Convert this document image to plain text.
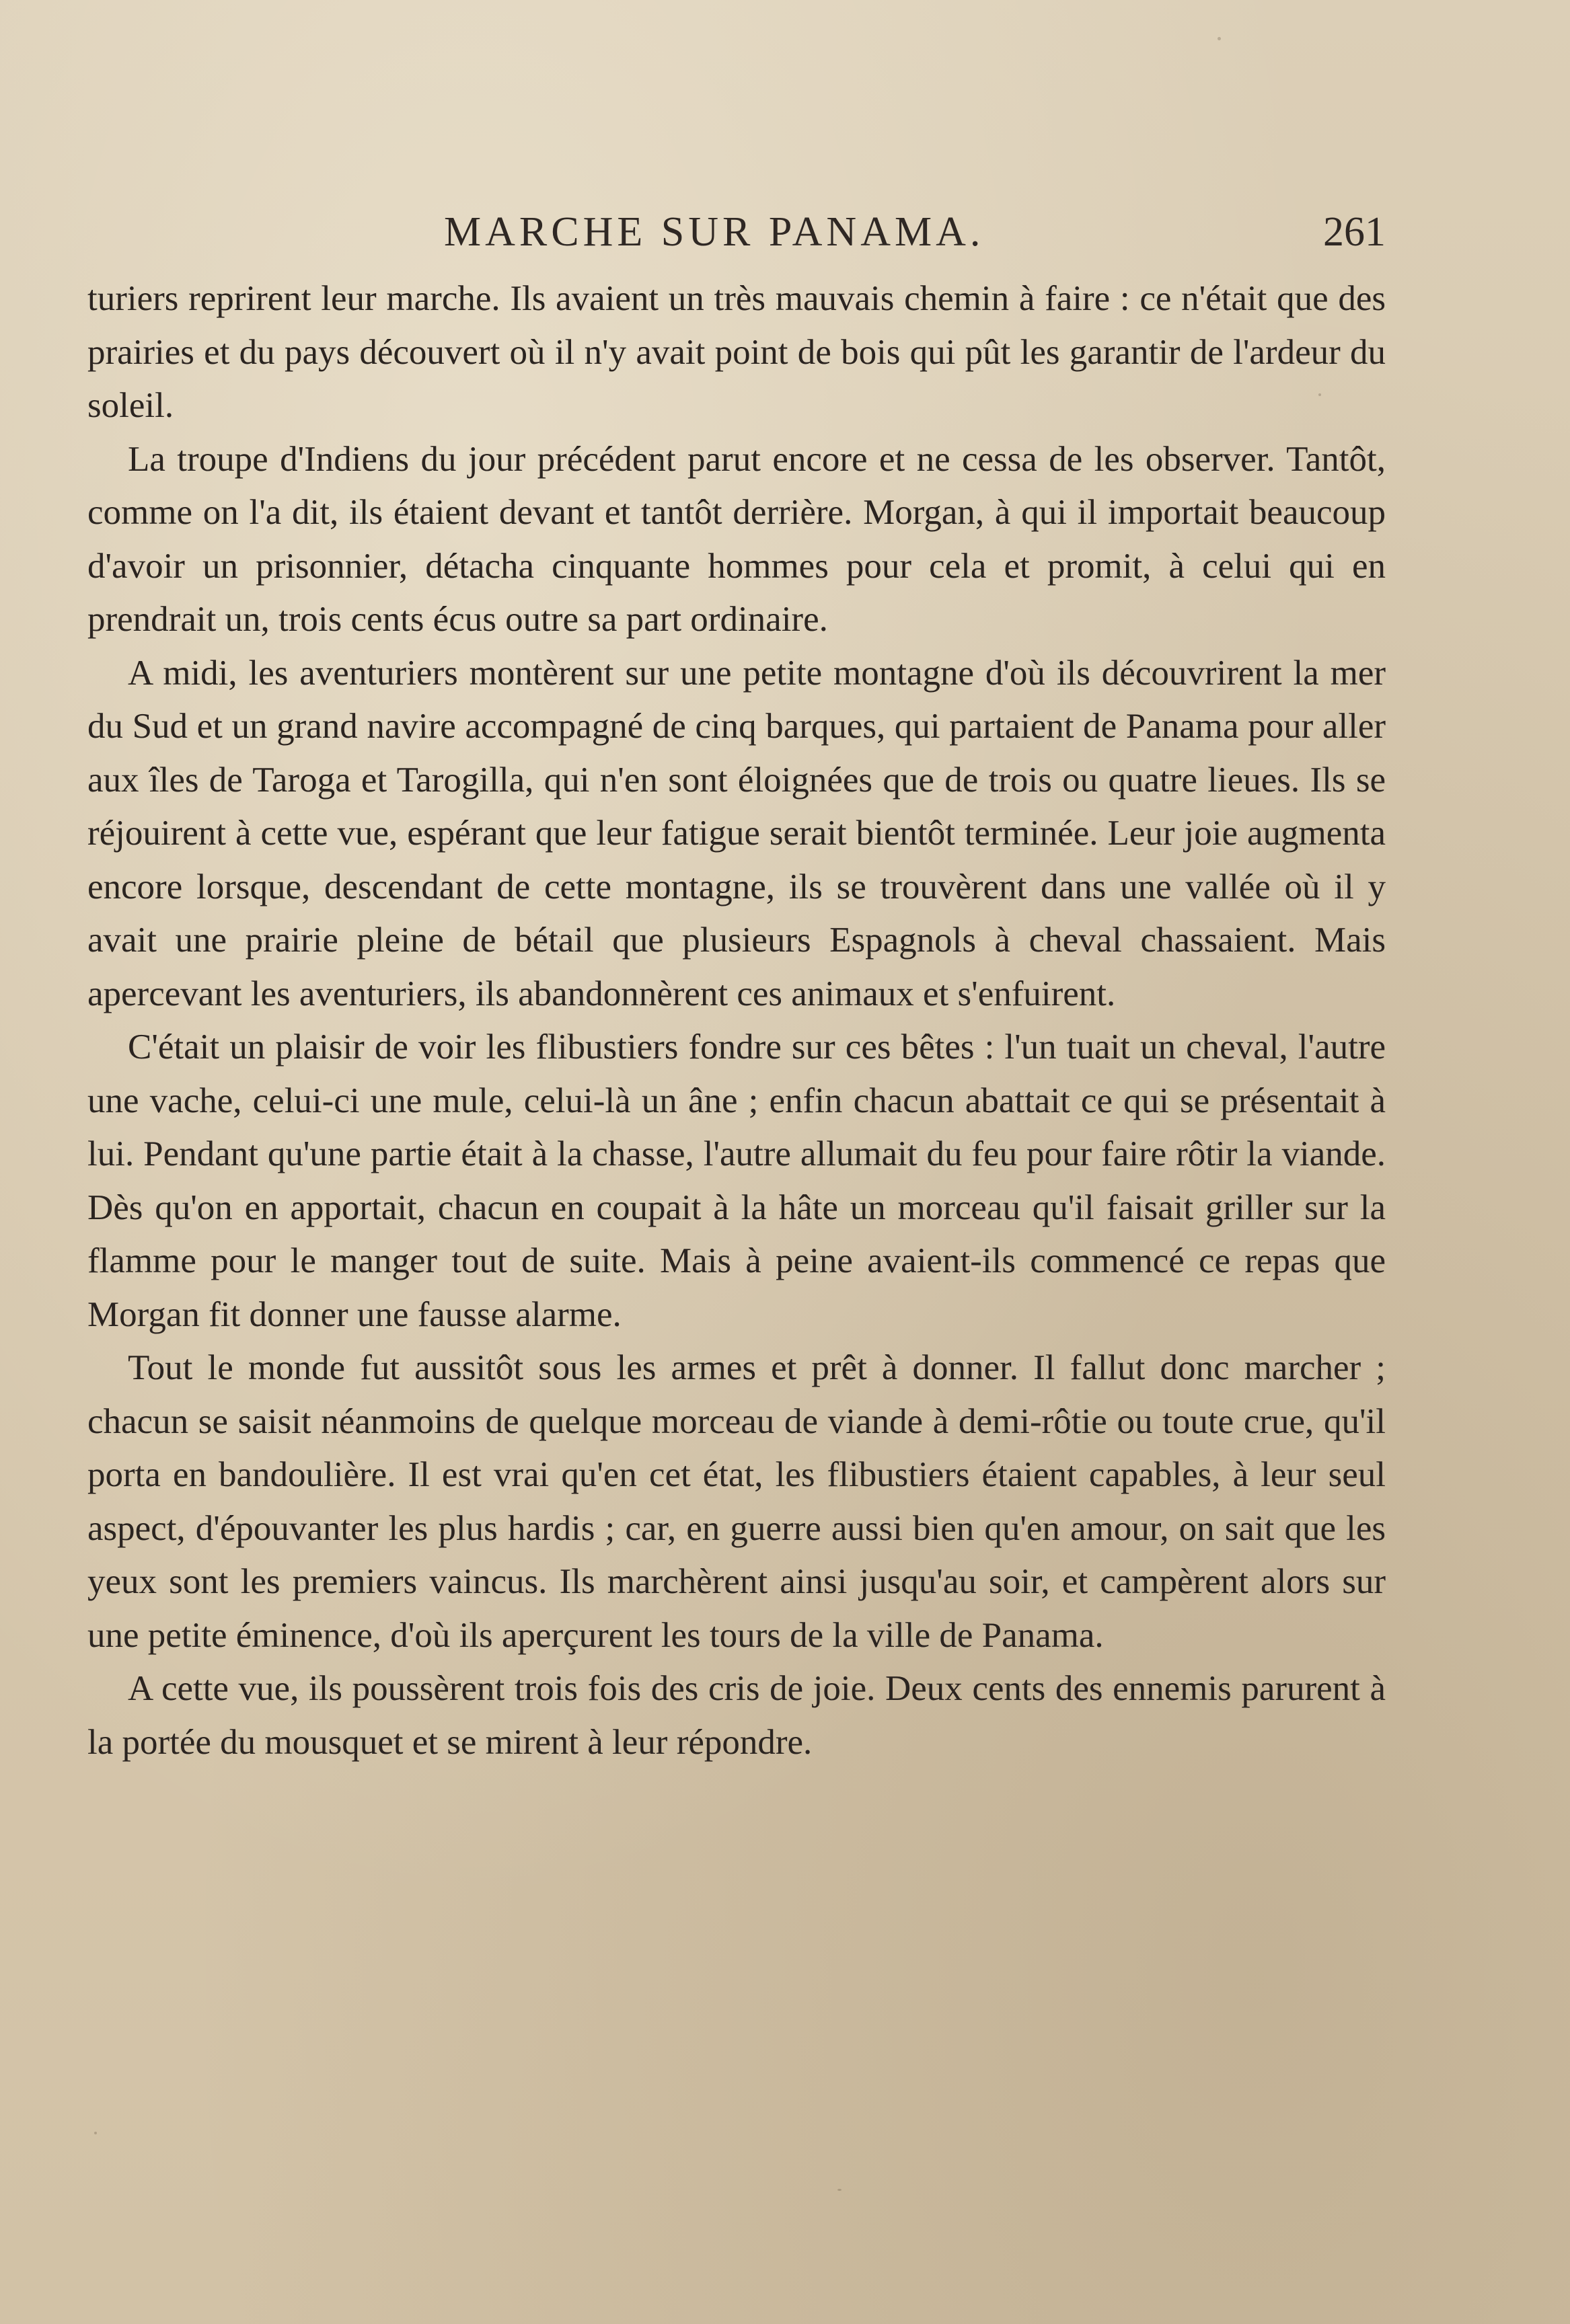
MARCHE SUR PANAMA.	261

turiers reprirent leur marche. Ils avaient un très mauvais chemin à faire : ce n'était que des prairies et du pays découvert où il n'y avait point de bois qui pût les garantir de l'ardeur du soleil.

La troupe d'Indiens du jour précédent parut encore et ne cessa de les observer. Tantôt, comme on l'a dit, ils étaient devant et tantôt derrière. Morgan, à qui il importait beaucoup d'avoir un prisonnier, détacha cinquante hommes pour cela et promit, à celui qui en prendrait un, trois cents écus outre sa part ordinaire.

A midi, les aventuriers montèrent sur une petite montagne d'où ils découvrirent la mer du Sud et un grand navire accompagné de cinq barques, qui partaient de Panama pour aller aux îles de Taroga et Tarogilla, qui n'en sont éloignées que de trois ou quatre lieues. Ils se réjouirent à cette vue, espérant que leur fatigue serait bientôt terminée. Leur joie augmenta encore lorsque, descendant de cette montagne, ils se trouvèrent dans une vallée où il y avait une prairie pleine de bétail que plusieurs Espagnols à cheval chassaient. Mais apercevant les aventuriers, ils abandonnèrent ces animaux et s'enfuirent.

C'était un plaisir de voir les flibustiers fondre sur ces bêtes : l'un tuait un cheval, l'autre une vache, celui-ci une mule, celui-là un âne ; enfin chacun abattait ce qui se présentait à lui. Pendant qu'une partie était à la chasse, l'autre allumait du feu pour faire rôtir la viande. Dès qu'on en apportait, chacun en coupait à la hâte un morceau qu'il faisait griller sur la flamme pour le manger tout de suite. Mais à peine avaient-ils commencé ce repas que Morgan fit donner une fausse alarme.

Tout le monde fut aussitôt sous les armes et prêt à donner. Il fallut donc marcher ; chacun se saisit néanmoins de quelque morceau de viande à demi-rôtie ou toute crue, qu'il porta en bandoulière. Il est vrai qu'en cet état, les flibustiers étaient capables, à leur seul aspect, d'épouvanter les plus hardis ; car, en guerre aussi bien qu'en amour, on sait que les yeux sont les premiers vaincus. Ils marchèrent ainsi jusqu'au soir, et campèrent alors sur une petite éminence, d'où ils aperçurent les tours de la ville de Panama.

A cette vue, ils poussèrent trois fois des cris de joie. Deux cents des ennemis parurent à la portée du mousquet et se mirent à leur répondre.
